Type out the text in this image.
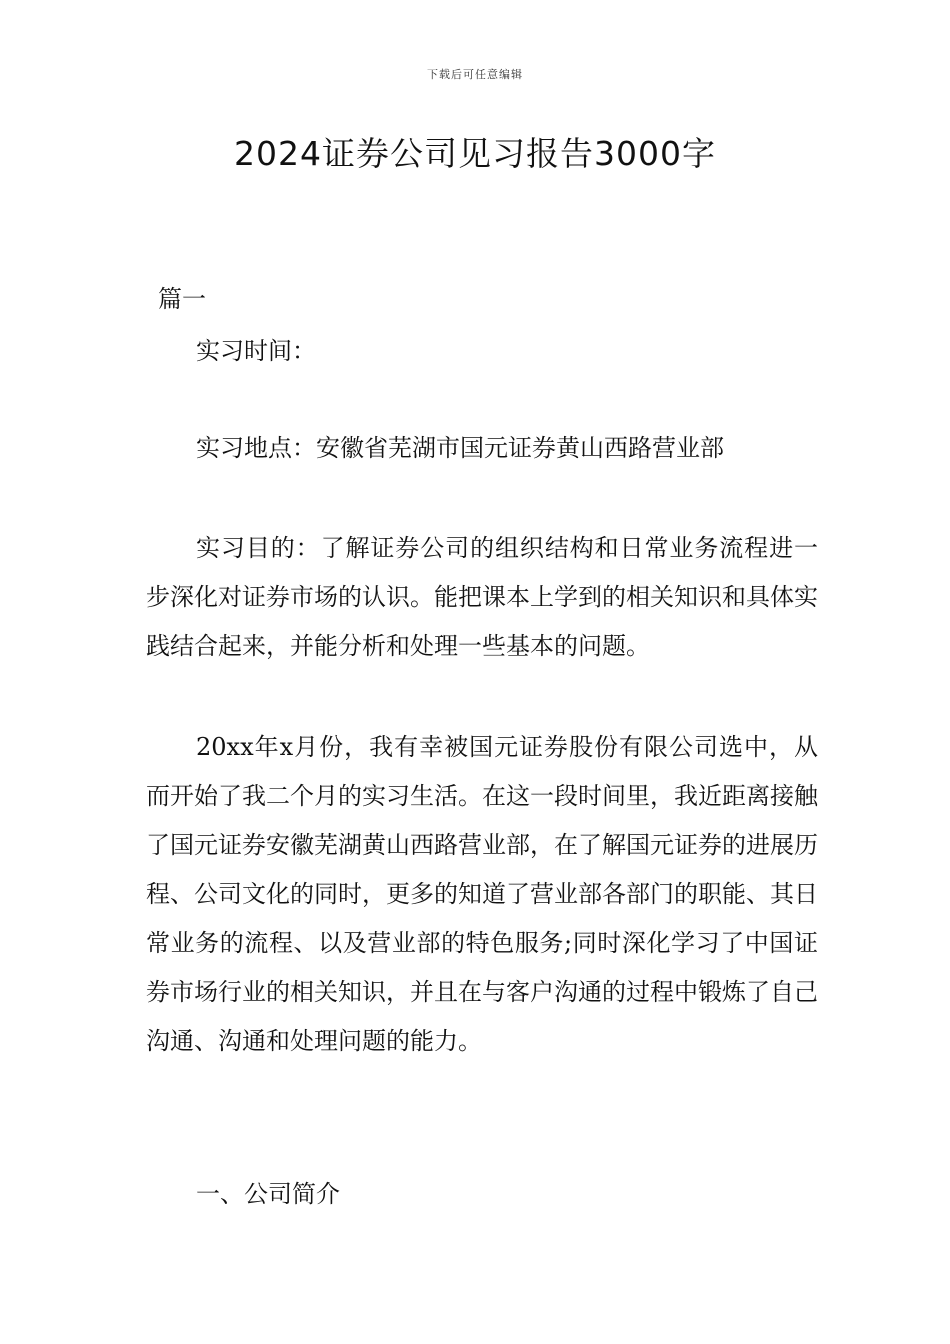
下载后可任意编辑
2024证券公司见习报告3000字
篇一
实习时间：
实习地点：安徽省芜湖市国元证券黄山西路营业部
实习目的：了解证券公司的组织结构和日常业务流程进一步深化对证券市场的认识。能把课本上学到的相关知识和具体实践结合起来，并能分析和处理一些基本的问题。
20xx年x月份，我有幸被国元证券股份有限公司选中，从而开始了我二个月的实习生活。在这一段时间里，我近距离接触了国元证券安徽芜湖黄山西路营业部，在了解国元证券的进展历程、公司文化的同时，更多的知道了营业部各部门的职能、其日常业务的流程、以及营业部的特色服务;同时深化学习了中国证券市场行业的相关知识，并且在与客户沟通的过程中锻炼了自己沟通、沟通和处理问题的能力。
一、公司简介
